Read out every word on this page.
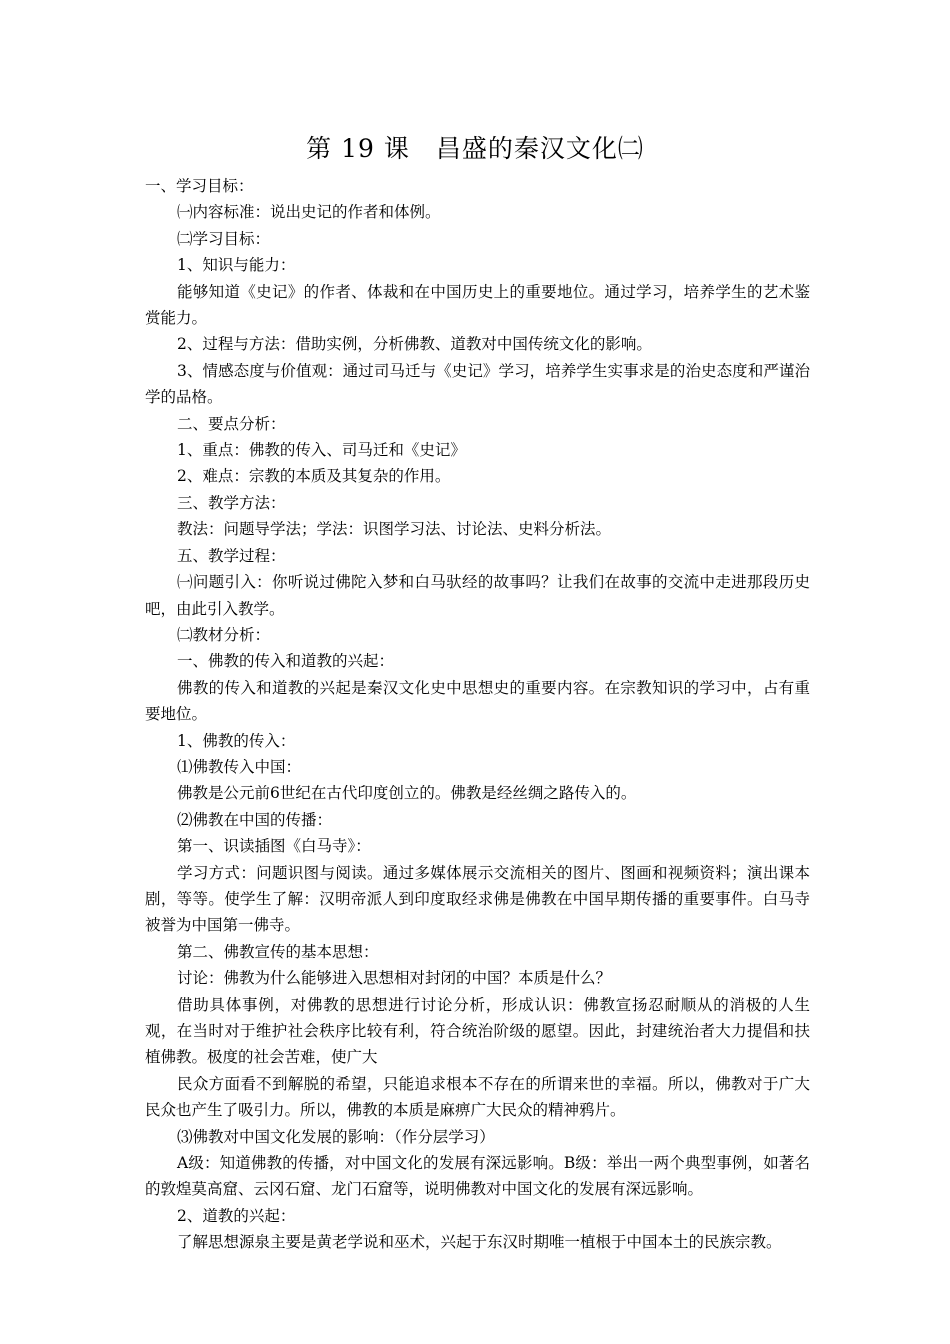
第 19 课　昌盛的秦汉文化㈡

一、学习目标：

㈠内容标准：说出史记的作者和体例。

㈡学习目标：

1、知识与能力：

能够知道《史记》的作者、体裁和在中国历史上的重要地位。通过学习，培养学生的艺术鉴赏能力。

2、过程与方法：借助实例，分析佛教、道教对中国传统文化的影响。

3、情感态度与价值观：通过司马迁与《史记》学习，培养学生实事求是的治史态度和严谨治学的品格。

二、要点分析：

1、重点：佛教的传入、司马迁和《史记》

2、难点：宗教的本质及其复杂的作用。

三、教学方法：

教法：问题导学法；学法：识图学习法、讨论法、史料分析法。

五、教学过程：

㈠问题引入：你听说过佛陀入梦和白马驮经的故事吗？让我们在故事的交流中走进那段历史吧，由此引入教学。

㈡教材分析：

一、佛教的传入和道教的兴起：

佛教的传入和道教的兴起是秦汉文化史中思想史的重要内容。在宗教知识的学习中，占有重要地位。

1、佛教的传入：

⑴佛教传入中国：

佛教是公元前6世纪在古代印度创立的。佛教是经丝绸之路传入的。

⑵佛教在中国的传播：

第一、识读插图《白马寺》：

学习方式：问题识图与阅读。通过多媒体展示交流相关的图片、图画和视频资料；演出课本剧，等等。使学生了解：汉明帝派人到印度取经求佛是佛教在中国早期传播的重要事件。白马寺被誉为中国第一佛寺。

第二、佛教宣传的基本思想：

讨论：佛教为什么能够进入思想相对封闭的中国？本质是什么？

借助具体事例，对佛教的思想进行讨论分析，形成认识：佛教宣扬忍耐顺从的消极的人生观，在当时对于维护社会秩序比较有利，符合统治阶级的愿望。因此，封建统治者大力提倡和扶植佛教。极度的社会苦难，使广大

民众方面看不到解脱的希望，只能追求根本不存在的所谓来世的幸福。所以，佛教对于广大民众也产生了吸引力。所以，佛教的本质是麻痹广大民众的精神鸦片。

⑶佛教对中国文化发展的影响：（作分层学习）

A级：知道佛教的传播，对中国文化的发展有深远影响。B级：举出一两个典型事例，如著名的敦煌莫高窟、云冈石窟、龙门石窟等，说明佛教对中国文化的发展有深远影响。

2、道教的兴起：

了解思想源泉主要是黄老学说和巫术，兴起于东汉时期唯一植根于中国本土的民族宗教。
